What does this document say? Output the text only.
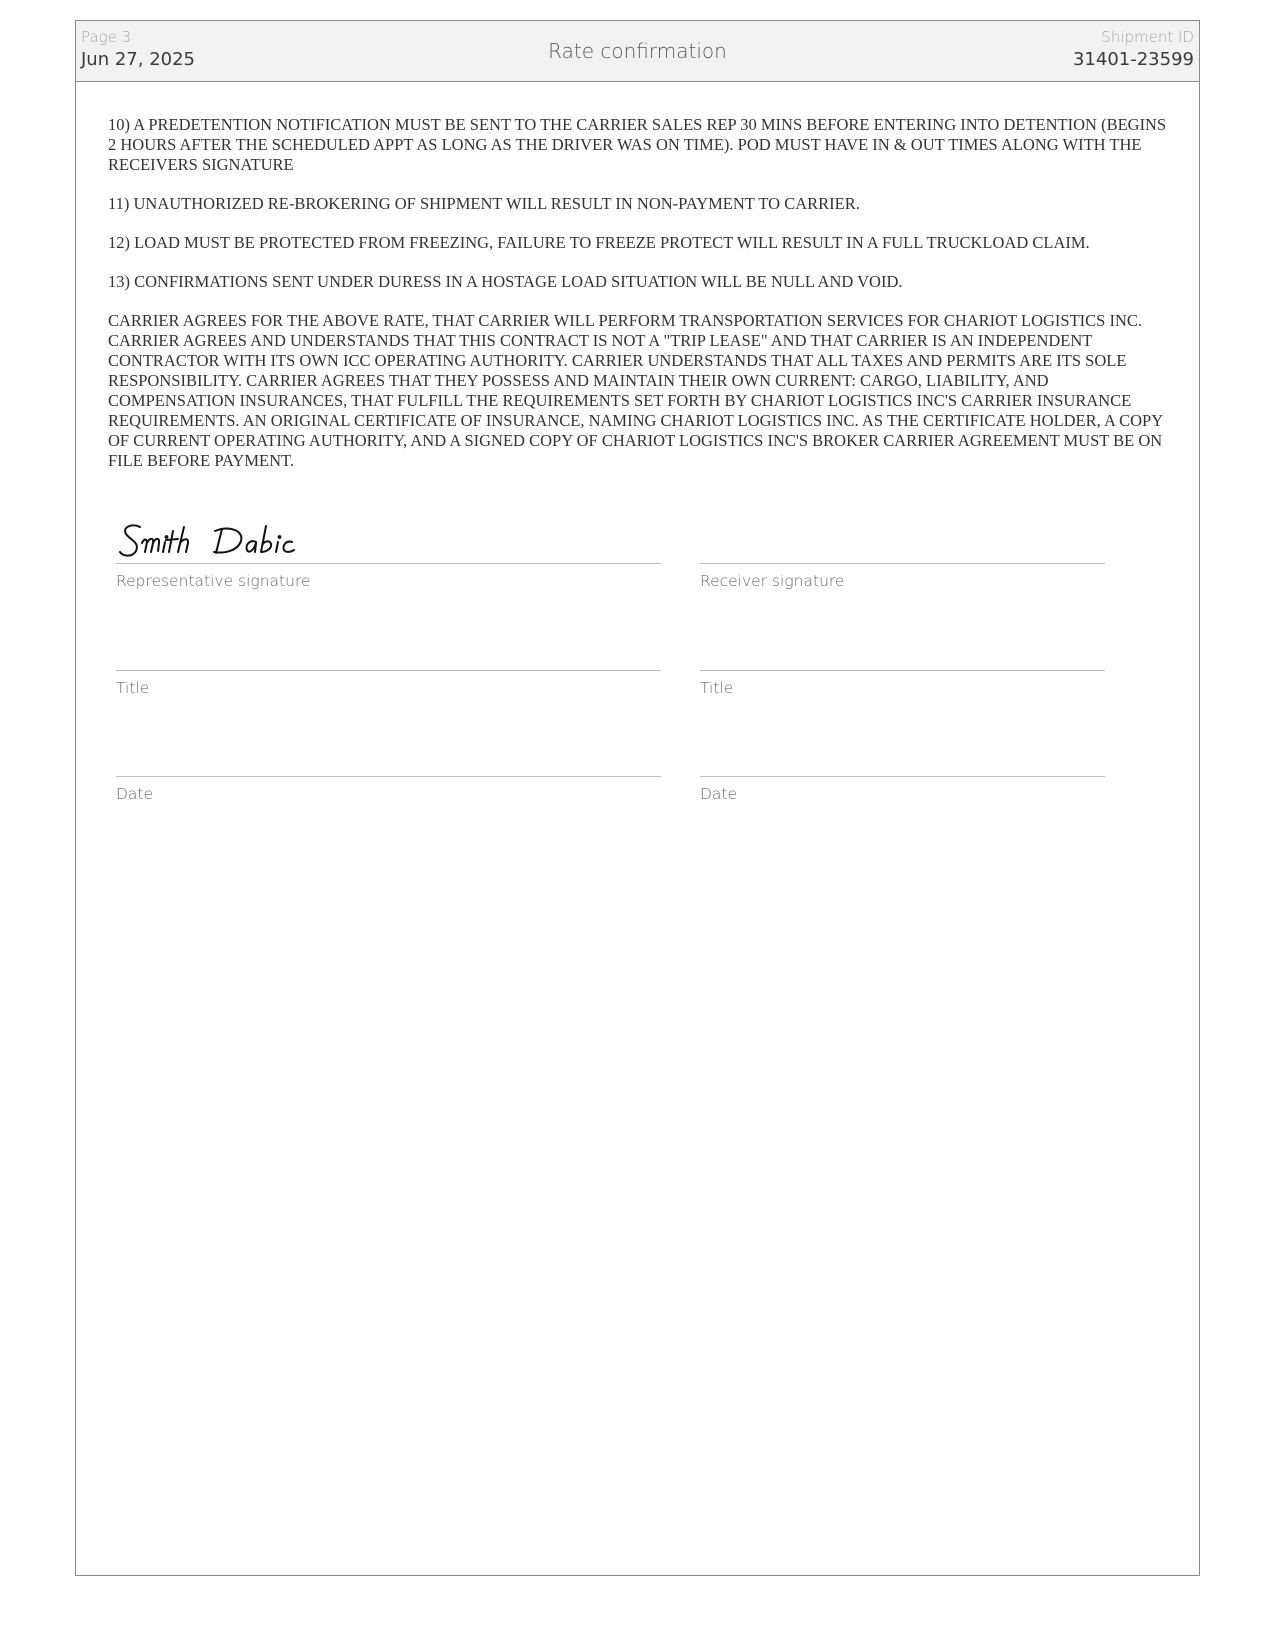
Page 3
Jun 27, 2025	Rate confirmation
Shipment ID
31401-23599

10) A PREDETENTION NOTIFICATION MUST BE SENT TO THE CARRIER SALES REP 30 MINS BEFORE ENTERING INTO DETENTION (BEGINS 2 HOURS AFTER THE SCHEDULED APPT AS LONG AS THE DRIVER WAS ON TIME). POD MUST HAVE IN & OUT TIMES ALONG WITH THE RECEIVERS SIGNATURE

11) UNAUTHORIZED RE-BROKERING OF SHIPMENT WILL RESULT IN NON-PAYMENT TO CARRIER.

12) LOAD MUST BE PROTECTED FROM FREEZING, FAILURE TO FREEZE PROTECT WILL RESULT IN A FULL TRUCKLOAD CLAIM.

13) CONFIRMATIONS SENT UNDER DURESS IN A HOSTAGE LOAD SITUATION WILL BE NULL AND VOID.

CARRIER AGREES FOR THE ABOVE RATE, THAT CARRIER WILL PERFORM TRANSPORTATION SERVICES FOR CHARIOT LOGISTICS INC. CARRIER AGREES AND UNDERSTANDS THAT THIS CONTRACT IS NOT A "TRIP LEASE" AND THAT CARRIER IS AN INDEPENDENT CONTRACTOR WITH ITS OWN ICC OPERATING AUTHORITY. CARRIER UNDERSTANDS THAT ALL TAXES AND PERMITS ARE ITS SOLE RESPONSIBILITY. CARRIER AGREES THAT THEY POSSESS AND MAINTAIN THEIR OWN CURRENT: CARGO, LIABILITY, AND COMPENSATION INSURANCES, THAT FULFILL THE REQUIREMENTS SET FORTH BY CHARIOT LOGISTICS INC'S CARRIER INSURANCE REQUIREMENTS. AN ORIGINAL CERTIFICATE OF INSURANCE, NAMING CHARIOT LOGISTICS INC. AS THE CERTIFICATE HOLDER, A COPY OF CURRENT OPERATING AUTHORITY, AND A SIGNED COPY OF CHARIOT LOGISTICS INC'S BROKER CARRIER AGREEMENT MUST BE ON FILE BEFORE PAYMENT.

Representative signature	Receiver signature
Title	Title
Date	Date
